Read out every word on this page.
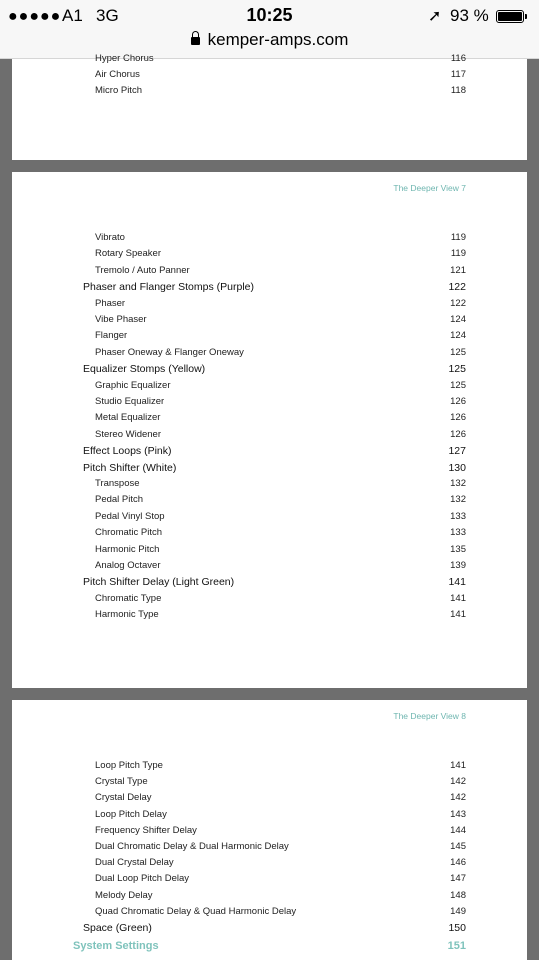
●●●●● A1 3G	10:25	➚ 93 %
kemper-amps.com
Hyper Chorus	116
Air Chorus	117
Micro Pitch	118
The Deeper View 7
Vibrato	119
Rotary Speaker	119
Tremolo / Auto Panner	121
Phaser and Flanger Stomps (Purple)	122
Phaser	122
Vibe Phaser	124
Flanger	124
Phaser Oneway & Flanger Oneway	125
Equalizer Stomps (Yellow)	125
Graphic Equalizer	125
Studio Equalizer	126
Metal Equalizer	126
Stereo Widener	126
Effect Loops (Pink)	127
Pitch Shifter (White)	130
Transpose	132
Pedal Pitch	132
Pedal Vinyl Stop	133
Chromatic Pitch	133
Harmonic Pitch	135
Analog Octaver	139
Pitch Shifter Delay (Light Green)	141
Chromatic Type	141
Harmonic Type	141
The Deeper View 8
Loop Pitch Type	141
Crystal Type	142
Crystal Delay	142
Loop Pitch Delay	143
Frequency Shifter Delay	144
Dual Chromatic Delay & Dual Harmonic Delay	145
Dual Crystal Delay	146
Dual Loop Pitch Delay	147
Melody Delay	148
Quad Chromatic Delay & Quad Harmonic Delay	149
Space (Green)	150
System Settings	151
